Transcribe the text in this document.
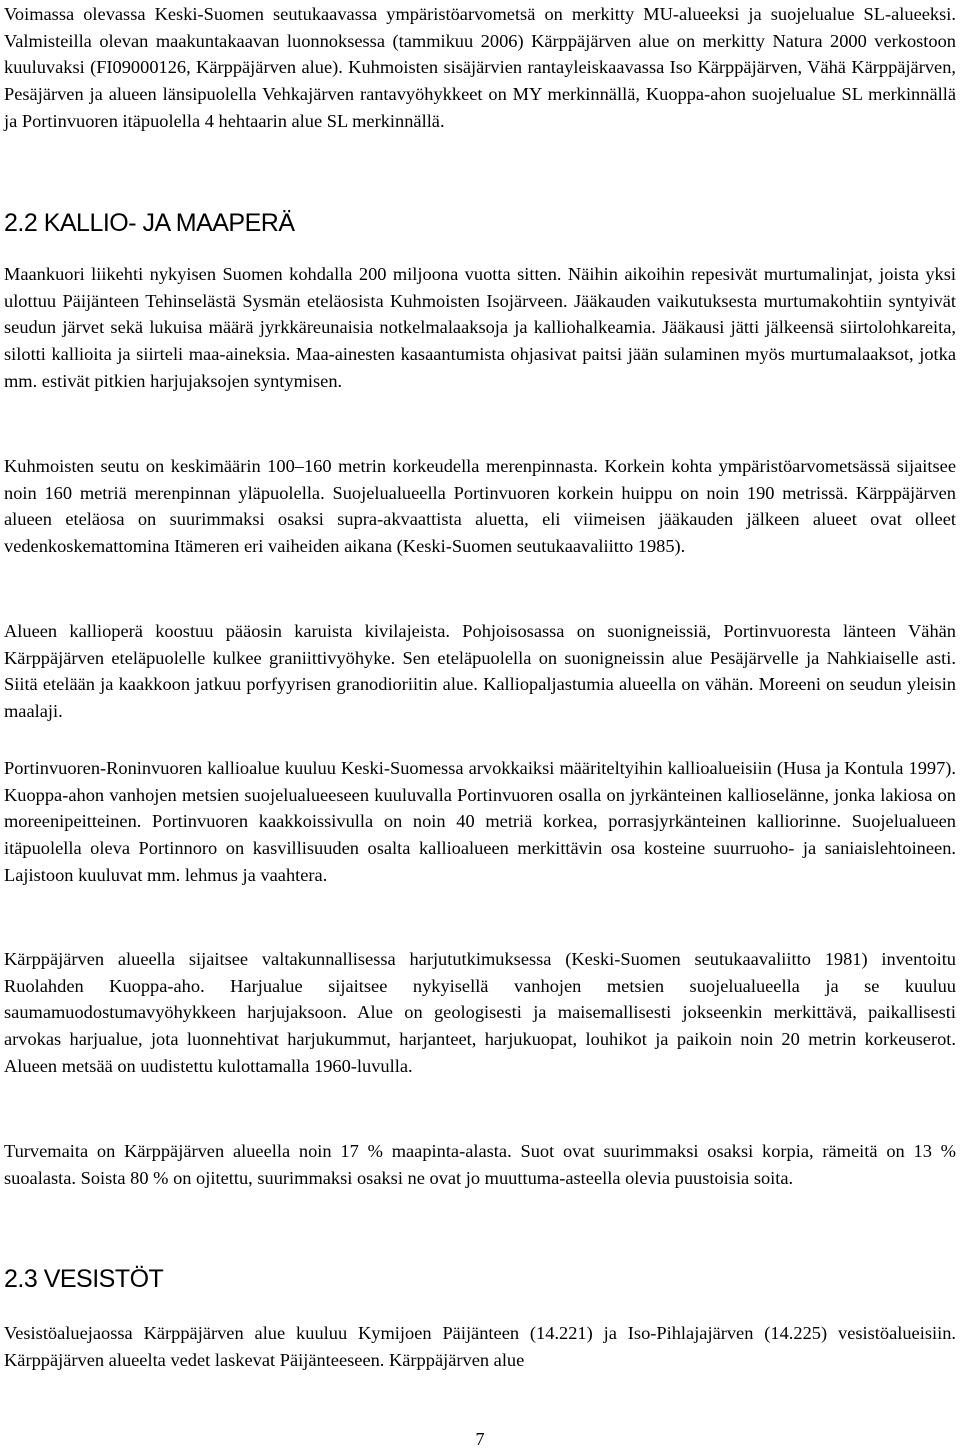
Voimassa olevassa Keski-Suomen seutukaavassa ympäristöarvometsä on merkitty MU-alueeksi ja suojelualue SL-alueeksi. Valmisteilla olevan maakuntakaavan luonnoksessa (tammikuu 2006) Kärppäjärven alue on merkitty Natura 2000 verkostoon kuuluvaksi (FI09000126, Kärppäjärven alue). Kuhmoisten sisäjärvien rantayleiskaavassa Iso Kärppäjärven, Vähä Kärppäjärven, Pesäjärven ja alueen länsipuolella Vehkajärven rantavyöhykkeet on MY merkinnällä, Kuoppa-ahon suojelualue SL merkinnällä ja Portinvuoren itäpuolella 4 hehtaarin alue SL merkinnällä.

2.2 KALLIO- JA MAAPERÄ

Maankuori liikehti nykyisen Suomen kohdalla 200 miljoona vuotta sitten. Näihin aikoihin repesivät murtumalinjat, joista yksi ulottuu Päijänteen Tehinselästä Sysmän eteläosista Kuhmoisten Isojärveen. Jääkauden vaikutuksesta murtumakohtiin syntyivät seudun järvet sekä lukuisa määrä jyrkkäreunaisia notkelmalaaksoja ja kalliohalkeamia. Jääkausi jätti jälkeensä siirtolohkareita, silotti kallioita ja siirteli maa-aineksia. Maa-ainesten kasaantumista ohjasivat paitsi jään sulaminen myös murtumalaaksot, jotka mm. estivät pitkien harjujaksojen syntymisen.

Kuhmoisten seutu on keskimäärin 100–160 metrin korkeudella merenpinnasta. Korkein kohta ympäristöarvometsässä sijaitsee noin 160 metriä merenpinnan yläpuolella. Suojelualueella Portinvuoren korkein huippu on noin 190 metrissä. Kärppäjärven alueen eteläosa on suurimmaksi osaksi supra-akvaattista aluetta, eli viimeisen jääkauden jälkeen alueet ovat olleet vedenkoskemattomina Itämeren eri vaiheiden aikana (Keski-Suomen seutukaavaliitto 1985).

Alueen kallioperä koostuu pääosin karuista kivilajeista. Pohjoisosassa on suonigneissiä, Portinvuoresta länteen Vähän Kärppäjärven eteläpuolelle kulkee graniittivyöhyke. Sen eteläpuolella on suonigneissin alue Pesäjärvelle ja Nahkiaiselle asti. Siitä etelään ja kaakkoon jatkuu porfyyrisen granodioriitin alue. Kalliopaljastumia alueella on vähän. Moreeni on seudun yleisin maalaji.

Portinvuoren-Roninvuoren kallioalue kuuluu Keski-Suomessa arvokkaiksi määriteltyihin kallioalueisiin (Husa ja Kontula 1997). Kuoppa-ahon vanhojen metsien suojelualueeseen kuuluvalla Portinvuoren osalla on jyrkänteinen kallioselänne, jonka lakiosa on moreenipeitteinen. Portinvuoren kaakkoissivulla on noin 40 metriä korkea, porrasjyrkänteinen kalliorinne. Suojelualueen itäpuolella oleva Portinnoro on kasvillisuuden osalta kallioalueen merkittävin osa kosteine suurruoho- ja saniaislehtoineen. Lajistoon kuuluvat mm. lehmus ja vaahtera.

Kärppäjärven alueella sijaitsee valtakunnallisessa harjututkimuksessa (Keski-Suomen seutukaavaliitto 1981) inventoitu Ruolahden Kuoppa-aho. Harjualue sijaitsee nykyisellä vanhojen metsien suojelualueella ja se kuuluu saumamuodostumavyöhykkeen harjujaksoon. Alue on geologisesti ja maisemallisesti jokseenkin merkittävä, paikallisesti arvokas harjualue, jota luonnehtivat harjukummut, harjanteet, harjukuopat, louhikot ja paikoin noin 20 metrin korkeuserot. Alueen metsää on uudistettu kulottamalla 1960-luvulla.

Turvemaita on Kärppäjärven alueella noin 17 % maapinta-alasta. Suot ovat suurimmaksi osaksi korpia, rämeitä on 13 % suoalasta. Soista 80 % on ojitettu, suurimmaksi osaksi ne ovat jo muuttuma-asteella olevia puustoisia soita.

2.3 VESISTÖT

Vesistöaluejaossa Kärppäjärven alue kuuluu Kymijoen Päijänteen (14.221) ja Iso-Pihlajajärven (14.225) vesistöalueisiin. Kärppäjärven alueelta vedet laskevat Päijänteeseen. Kärppäjärven alue

7
